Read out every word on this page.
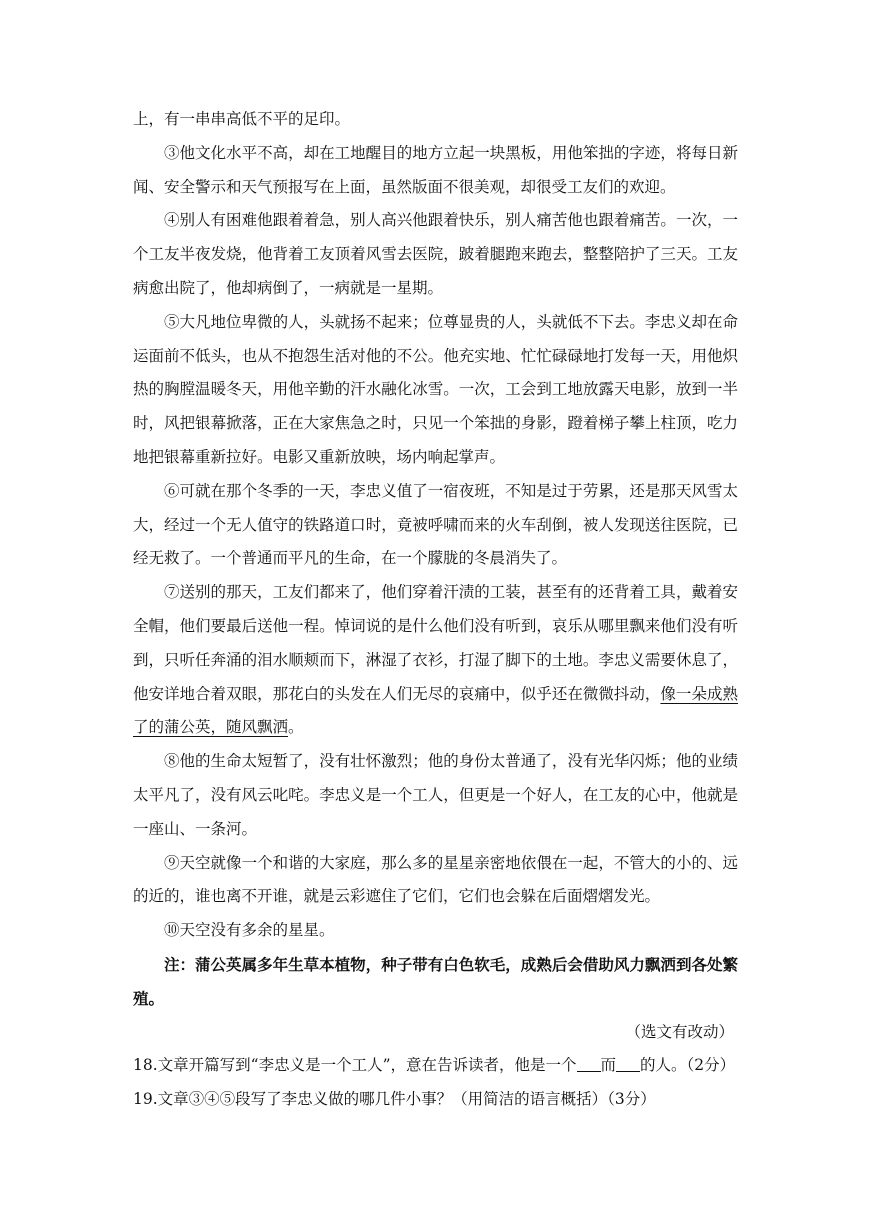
上，有一串串高低不平的足印。

③他文化水平不高，却在工地醒目的地方立起一块黑板，用他笨拙的字迹，将每日新闻、安全警示和天气预报写在上面，虽然版面不很美观，却很受工友们的欢迎。

④别人有困难他跟着着急，别人高兴他跟着快乐，别人痛苦他也跟着痛苦。一次，一个工友半夜发烧，他背着工友顶着风雪去医院，跛着腿跑来跑去，整整陪护了三天。工友病愈出院了，他却病倒了，一病就是一星期。

⑤大凡地位卑微的人，头就扬不起来；位尊显贵的人，头就低不下去。李忠义却在命运面前不低头，也从不抱怨生活对他的不公。他充实地、忙忙碌碌地打发每一天，用他炽热的胸膛温暖冬天，用他辛勤的汗水融化冰雪。一次，工会到工地放露天电影，放到一半时，风把银幕掀落，正在大家焦急之时，只见一个笨拙的身影，蹬着梯子攀上柱顶，吃力地把银幕重新拉好。电影又重新放映，场内响起掌声。

⑥可就在那个冬季的一天，李忠义值了一宿夜班，不知是过于劳累，还是那天风雪太大，经过一个无人值守的铁路道口时，竟被呼啸而来的火车刮倒，被人发现送往医院，已经无救了。一个普通而平凡的生命，在一个朦胧的冬晨消失了。

⑦送别的那天，工友们都来了，他们穿着汗渍的工装，甚至有的还背着工具，戴着安全帽，他们要最后送他一程。悼词说的是什么他们没有听到，哀乐从哪里飘来他们没有听到，只听任奔涌的泪水顺颊而下，淋湿了衣衫，打湿了脚下的土地。李忠义需要休息了，他安详地合着双眼，那花白的头发在人们无尽的哀痛中，似乎还在微微抖动，像一朵成熟了的蒲公英，随风飘洒。

⑧他的生命太短暂了，没有壮怀激烈；他的身份太普通了，没有光华闪烁；他的业绩太平凡了，没有风云叱咤。李忠义是一个工人，但更是一个好人，在工友的心中，他就是一座山、一条河。

⑨天空就像一个和谐的大家庭，那么多的星星亲密地依偎在一起，不管大的小的、远的近的，谁也离不开谁，就是云彩遮住了它们，它们也会躲在后面熠熠发光。

⑩天空没有多余的星星。

注：蒲公英属多年生草本植物，种子带有白色软毛，成熟后会借助风力飘洒到各处繁殖。

（选文有改动）

18.文章开篇写到“李忠义是一个工人”，意在告诉读者，他是一个 而 的人。（2分）

19.文章③④⑤段写了李忠义做的哪几件小事？（用简洁的语言概括）（3分）
